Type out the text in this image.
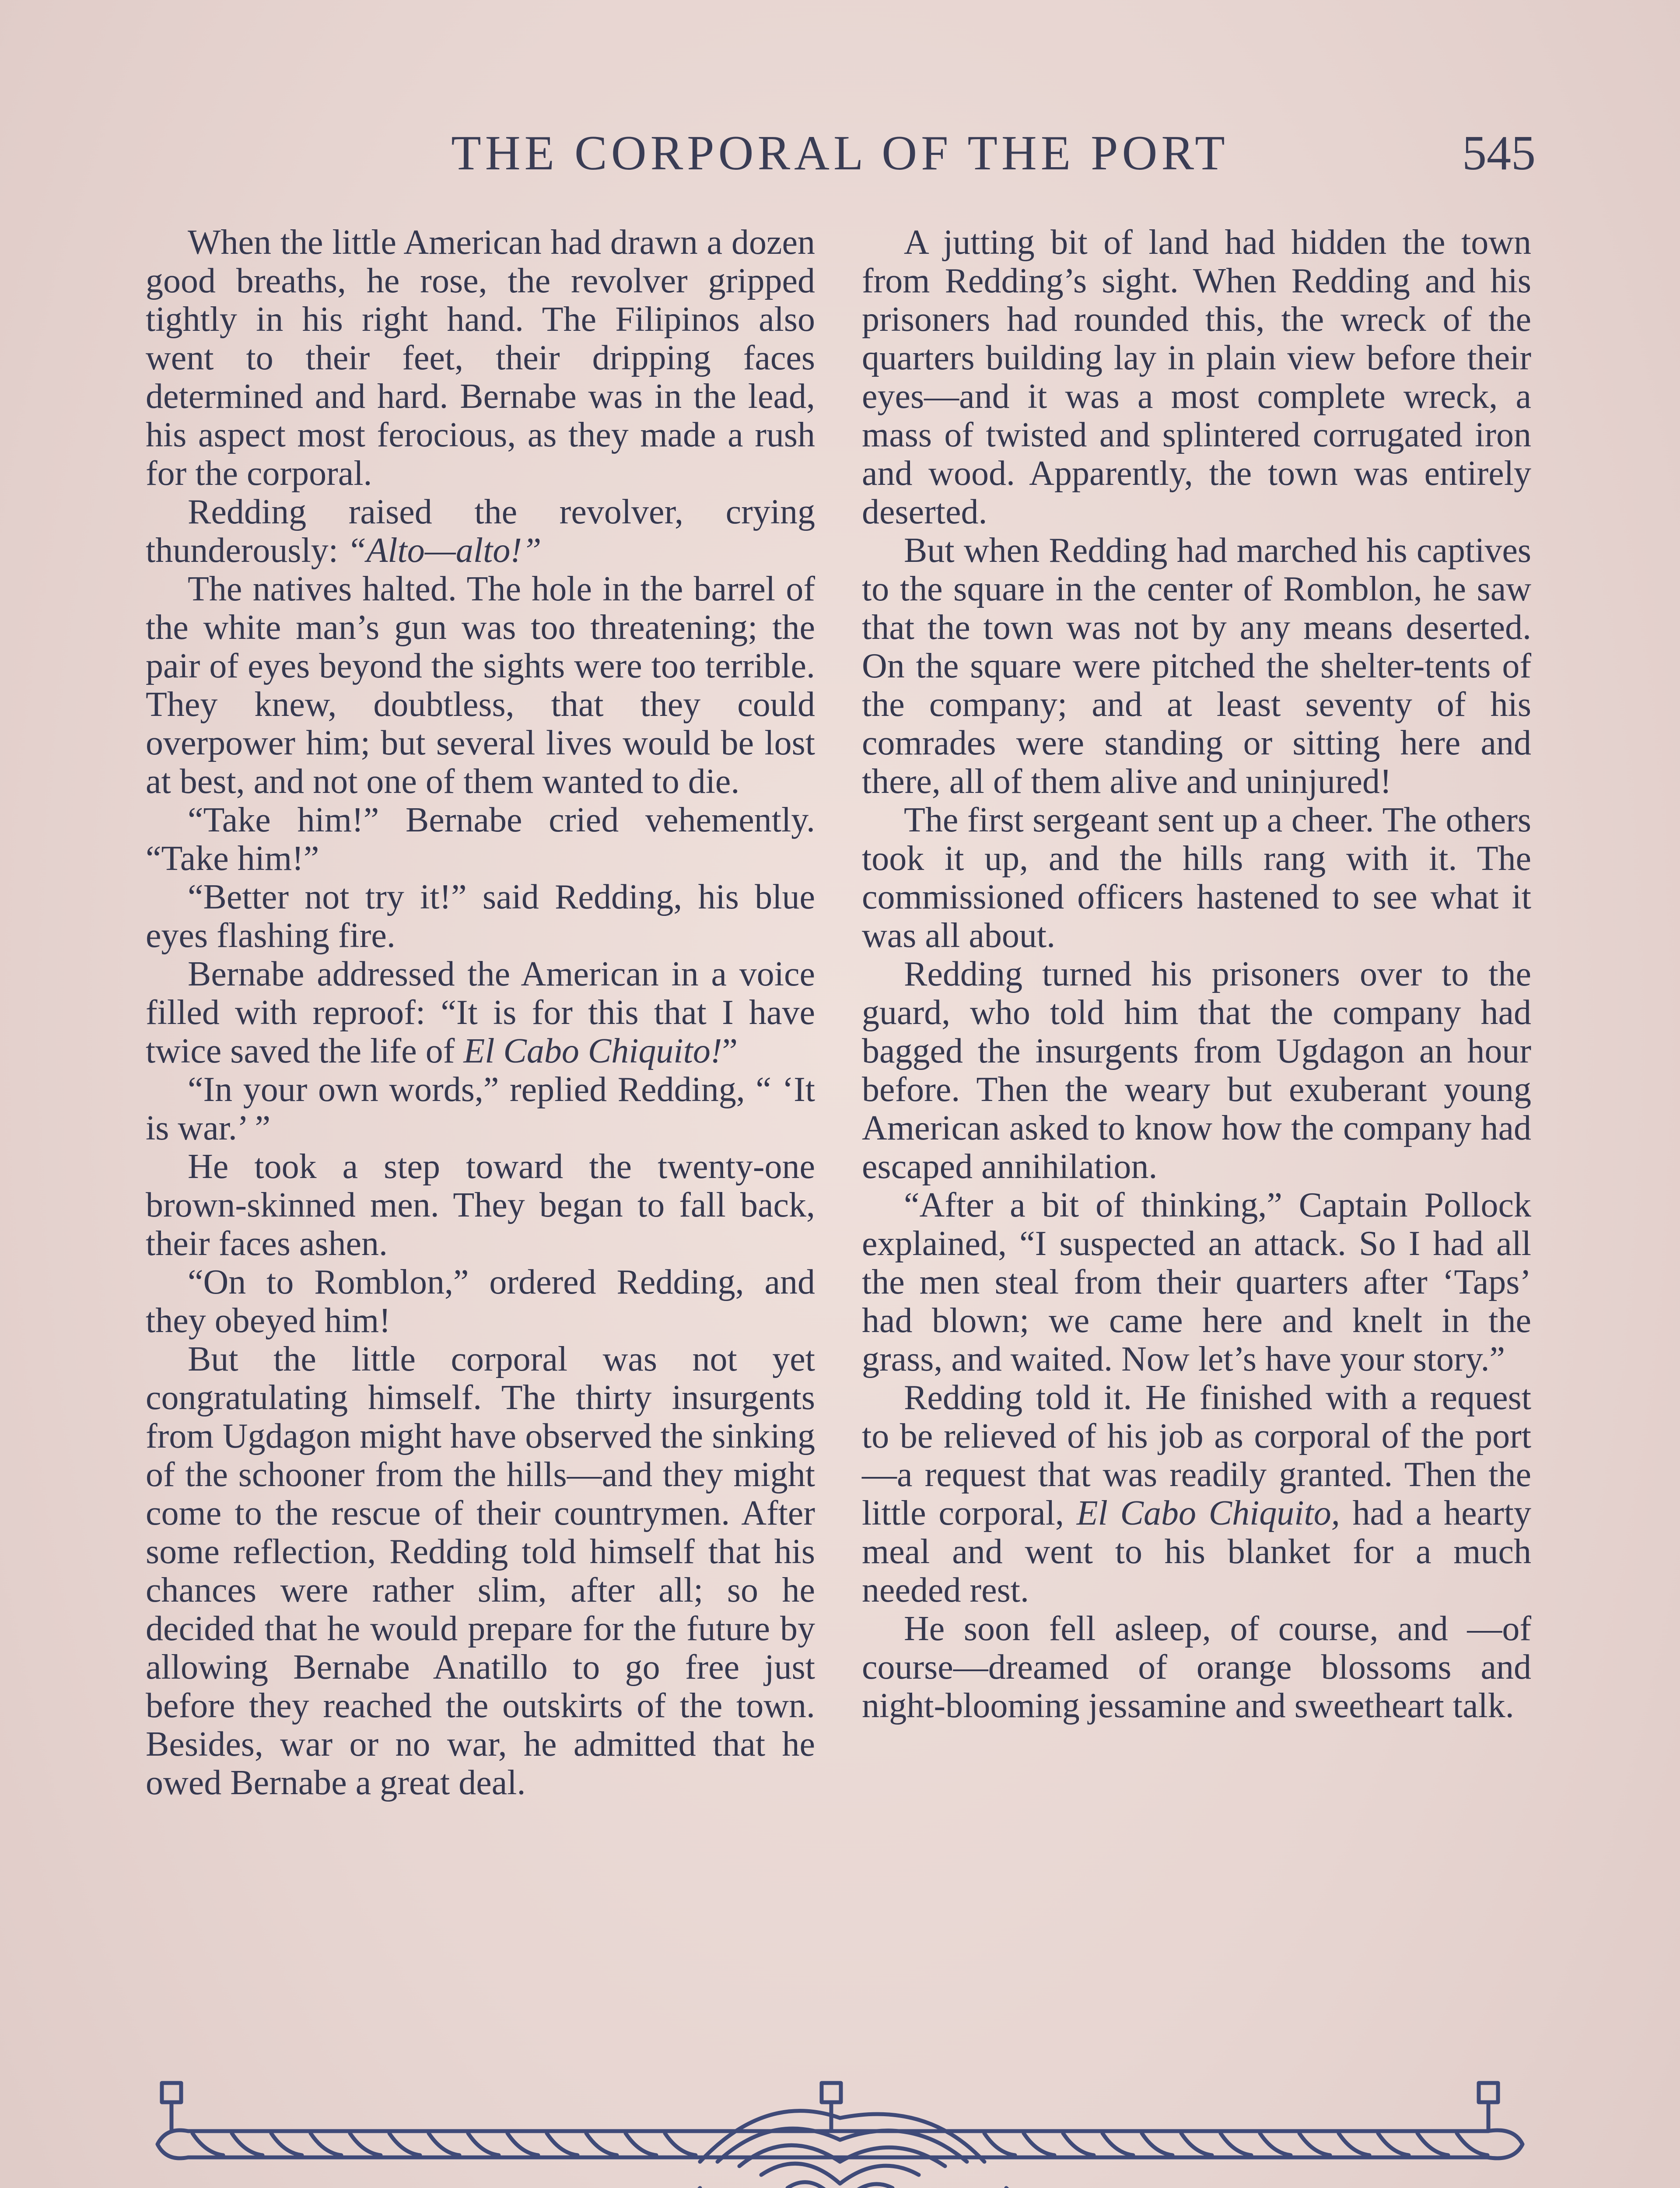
THE CORPORAL OF THE PORT	545

When the little American had drawn a dozen good breaths, he rose, the revolver gripped tightly in his right hand. The Filipinos also went to their feet, their dripping faces determined and hard. Bernabe was in the lead, his aspect most ferocious, as they made a rush for the corporal.

Redding raised the revolver, crying thunderously: “Alto—alto!”

The natives halted. The hole in the barrel of the white man’s gun was too threatening; the pair of eyes beyond the sights were too terrible. They knew, doubtless, that they could overpower him; but several lives would be lost at best, and not one of them wanted to die.

“Take him!” Bernabe cried vehemently. “Take him!”

“Better not try it!” said Redding, his blue eyes flashing fire.

Bernabe addressed the American in a voice filled with reproof: “It is for this that I have twice saved the life of El Cabo Chiquito!”

“In your own words,” replied Redding, “ ‘It is war.’ ”

He took a step toward the twenty-one brown-skinned men. They began to fall back, their faces ashen.

“On to Romblon,” ordered Redding, and they obeyed him!

But the little corporal was not yet congratulating himself. The thirty insurgents from Ugdagon might have observed the sinking of the schooner from the hills—and they might come to the rescue of their countrymen. After some reflection, Redding told himself that his chances were rather slim, after all; so he decided that he would prepare for the future by allowing Bernabe Anatillo to go free just before they reached the outskirts of the town. Besides, war or no war, he admitted that he owed Bernabe a great deal.

A jutting bit of land had hidden the town from Redding’s sight. When Redding and his prisoners had rounded this, the wreck of the quarters building lay in plain view before their eyes—and it was a most complete wreck, a mass of twisted and splintered corrugated iron and wood. Apparently, the town was entirely deserted.

But when Redding had marched his captives to the square in the center of Romblon, he saw that the town was not by any means deserted. On the square were pitched the shelter-tents of the company; and at least seventy of his comrades were standing or sitting here and there, all of them alive and uninjured!

The first sergeant sent up a cheer. The others took it up, and the hills rang with it. The commissioned officers hastened to see what it was all about.

Redding turned his prisoners over to the guard, who told him that the company had bagged the insurgents from Ugdagon an hour before. Then the weary but exuberant young American asked to know how the company had escaped annihilation.

“After a bit of thinking,” Captain Pollock explained, “I suspected an attack. So I had all the men steal from their quarters after ‘Taps’ had blown; we came here and knelt in the grass, and waited. Now let’s have your story.”

Redding told it. He finished with a request to be relieved of his job as corporal of the port—a request that was readily granted. Then the little corporal, El Cabo Chiquito, had a hearty meal and went to his blanket for a much needed rest.

He soon fell asleep, of course, and —of course—dreamed of orange blossoms and night-blooming jessamine and sweetheart talk.
